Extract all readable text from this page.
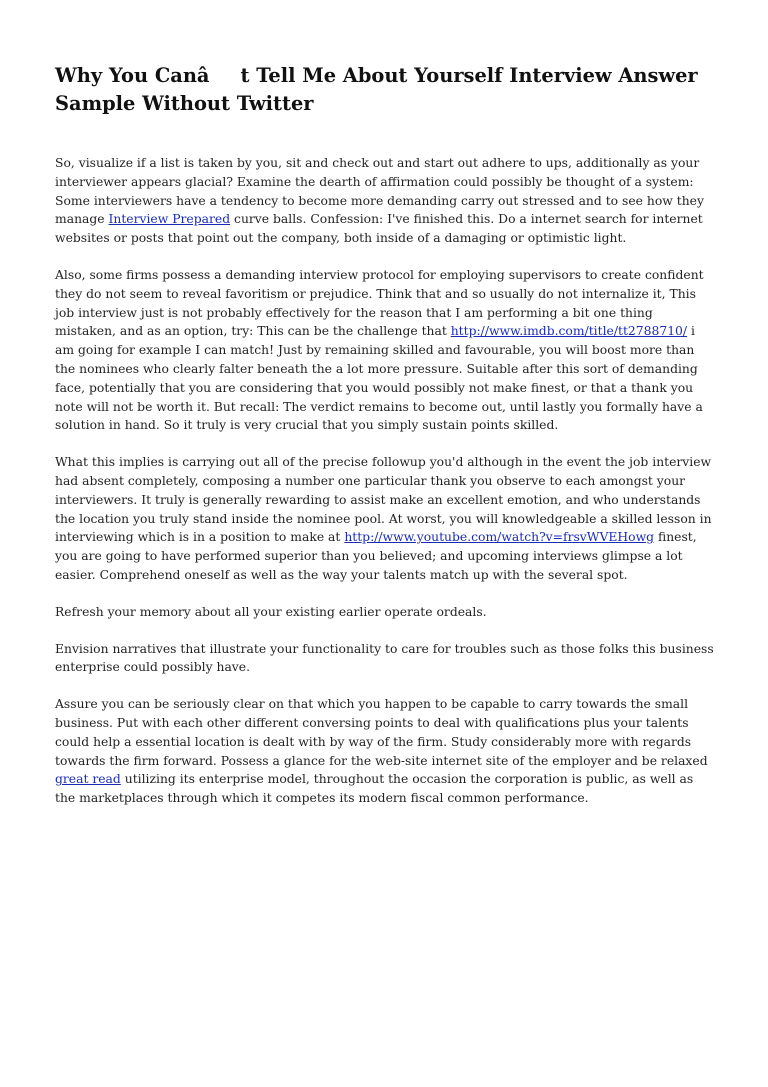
Why You Canât Tell Me About Yourself Interview Answer Sample Without Twitter

So, visualize if a list is taken by you, sit and check out and start out adhere to ups, additionally as your interviewer appears glacial? Examine the dearth of affirmation could possibly be thought of a system: Some interviewers have a tendency to become more demanding carry out stressed and to see how they manage Interview Prepared curve balls. Confession: I've finished this. Do a internet search for internet websites or posts that point out the company, both inside of a damaging or optimistic light.

Also, some firms possess a demanding interview protocol for employing supervisors to create confident they do not seem to reveal favoritism or prejudice. Think that and so usually do not internalize it, This job interview just is not probably effectively for the reason that I am performing a bit one thing mistaken, and as an option, try: This can be the challenge that http://www.imdb.com/title/tt2788710/ i am going for example I can match! Just by remaining skilled and favourable, you will boost more than the nominees who clearly falter beneath the a lot more pressure. Suitable after this sort of demanding face, potentially that you are considering that you would possibly not make finest, or that a thank you note will not be worth it. But recall: The verdict remains to become out, until lastly you formally have a solution in hand. So it truly is very crucial that you simply sustain points skilled.

What this implies is carrying out all of the precise followup you'd although in the event the job interview had absent completely, composing a number one particular thank you observe to each amongst your interviewers. It truly is generally rewarding to assist make an excellent emotion, and who understands the location you truly stand inside the nominee pool. At worst, you will knowledgeable a skilled lesson in interviewing which is in a position to make at http://www.youtube.com/watch?v=frsvWVEHowg finest, you are going to have performed superior than you believed; and upcoming interviews glimpse a lot easier. Comprehend oneself as well as the way your talents match up with the several spot.

Refresh your memory about all your existing earlier operate ordeals.

Envision narratives that illustrate your functionality to care for troubles such as those folks this business enterprise could possibly have.

Assure you can be seriously clear on that which you happen to be capable to carry towards the small business. Put with each other different conversing points to deal with qualifications plus your talents could help a essential location is dealt with by way of the firm. Study considerably more with regards towards the firm forward. Possess a glance for the web-site internet site of the employer and be relaxed great read utilizing its enterprise model, throughout the occasion the corporation is public, as well as the marketplaces through which it competes its modern fiscal common performance.
